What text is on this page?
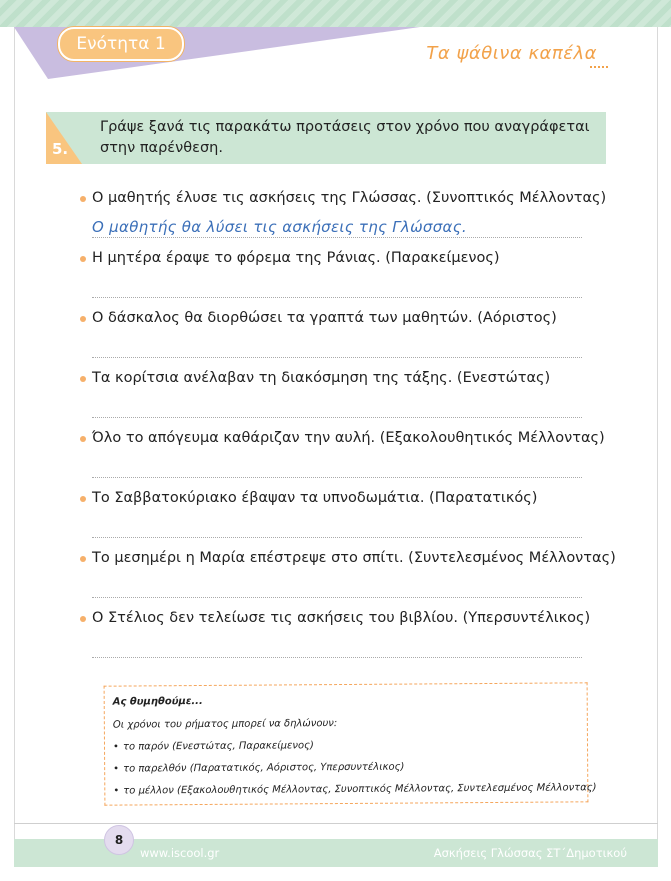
Ενότητα 1	Τα ψάθινα καπέλα
5.
Γράψε ξανά τις παρακάτω προτάσεις στον χρόνο που αναγράφεται
στην παρένθεση.
Ο μαθητής έλυσε τις ασκήσεις της Γλώσσας. (Συνοπτικός Μέλλοντας)
Ο μαθητής θα λύσει τις ασκήσεις της Γλώσσας.
Η μητέρα έραψε το φόρεμα της Ράνιας. (Παρακείμενος)
Ο δάσκαλος θα διορθώσει τα γραπτά των μαθητών. (Αόριστος)
Τα κορίτσια ανέλαβαν τη διακόσμηση της τάξης. (Ενεστώτας)
Όλο το απόγευμα καθάριζαν την αυλή. (Εξακολουθητικός Μέλλοντας)
Το Σαββατοκύριακο έβαψαν τα υπνοδωμάτια. (Παρατατικός)
Το μεσημέρι η Μαρία επέστρεψε στο σπίτι. (Συντελεσμένος Μέλλοντας)
Ο Στέλιος δεν τελείωσε τις ασκήσεις του βιβλίου. (Υπερσυντέλικος)
Ας θυμηθούμε...
Οι χρόνοι του ρήματος μπορεί να δηλώνουν:
• το παρόν (Ενεστώτας, Παρακείμενος)
• το παρελθόν (Παρατατικός, Αόριστος, Υπερσυντέλικος)
• το μέλλον (Εξακολουθητικός Μέλλοντας, Συνοπτικός Μέλλοντας, Συντελεσμένος Μέλλοντας)
8
www.iscool.gr	Ασκήσεις Γλώσσας ΣΤ΄Δημοτικού
